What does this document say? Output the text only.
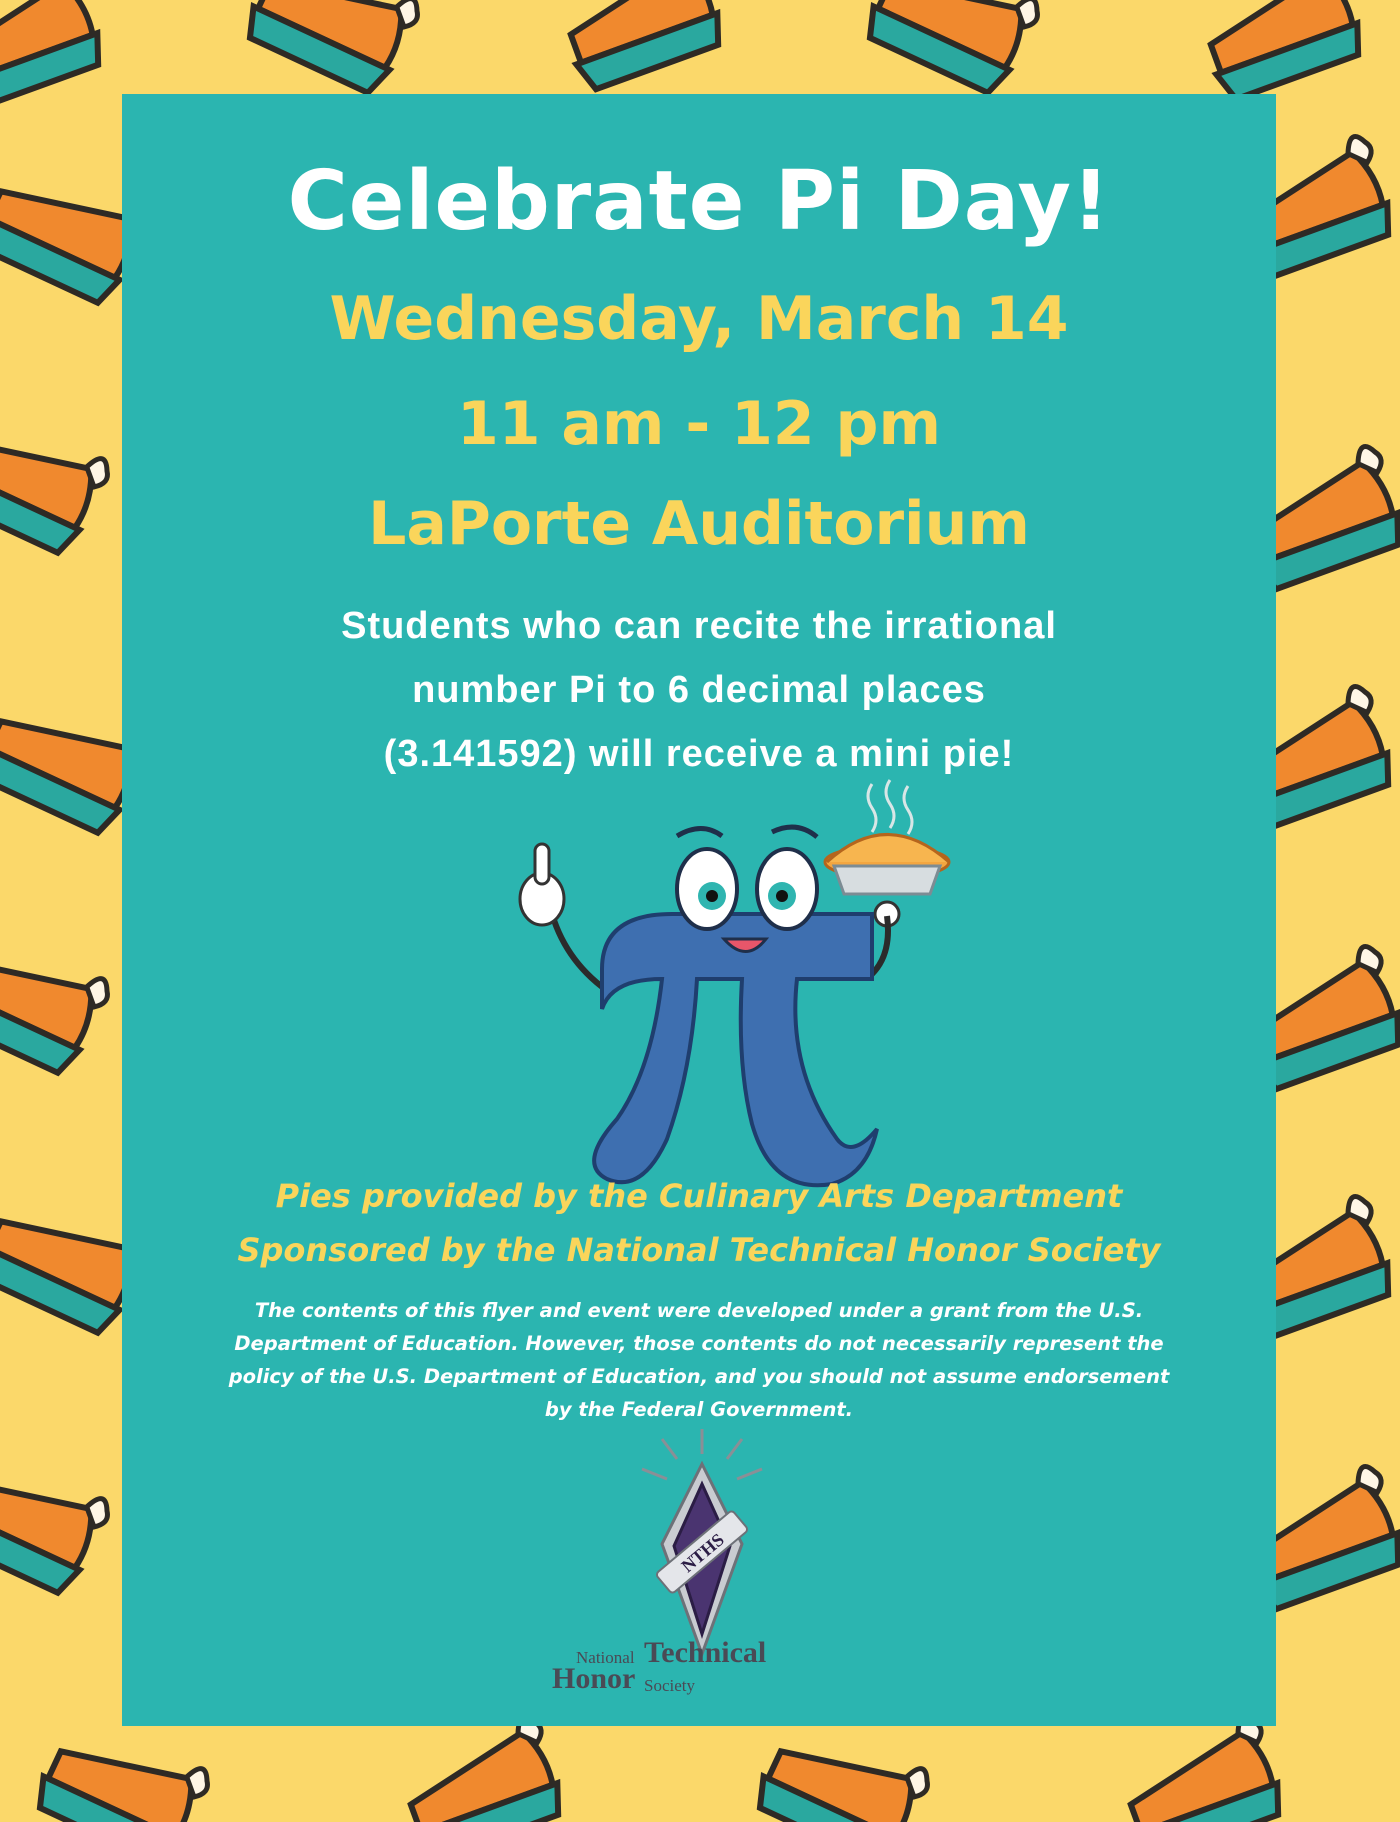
Celebrate Pi Day!
Wednesday, March 14
11 am - 12 pm
LaPorte Auditorium
Students who can recite the irrational
number Pi to 6 decimal places
(3.141592) will receive a mini pie!
Pies provided by the Culinary Arts Department
Sponsored by the National Technical Honor Society
The contents of this flyer and event were developed under a grant from the U.S.
Department of Education. However, those contents do not necessarily represent the
policy of the U.S. Department of Education, and you should not assume endorsement
by the Federal Government.
NTHS
National Technical
Honor Society
